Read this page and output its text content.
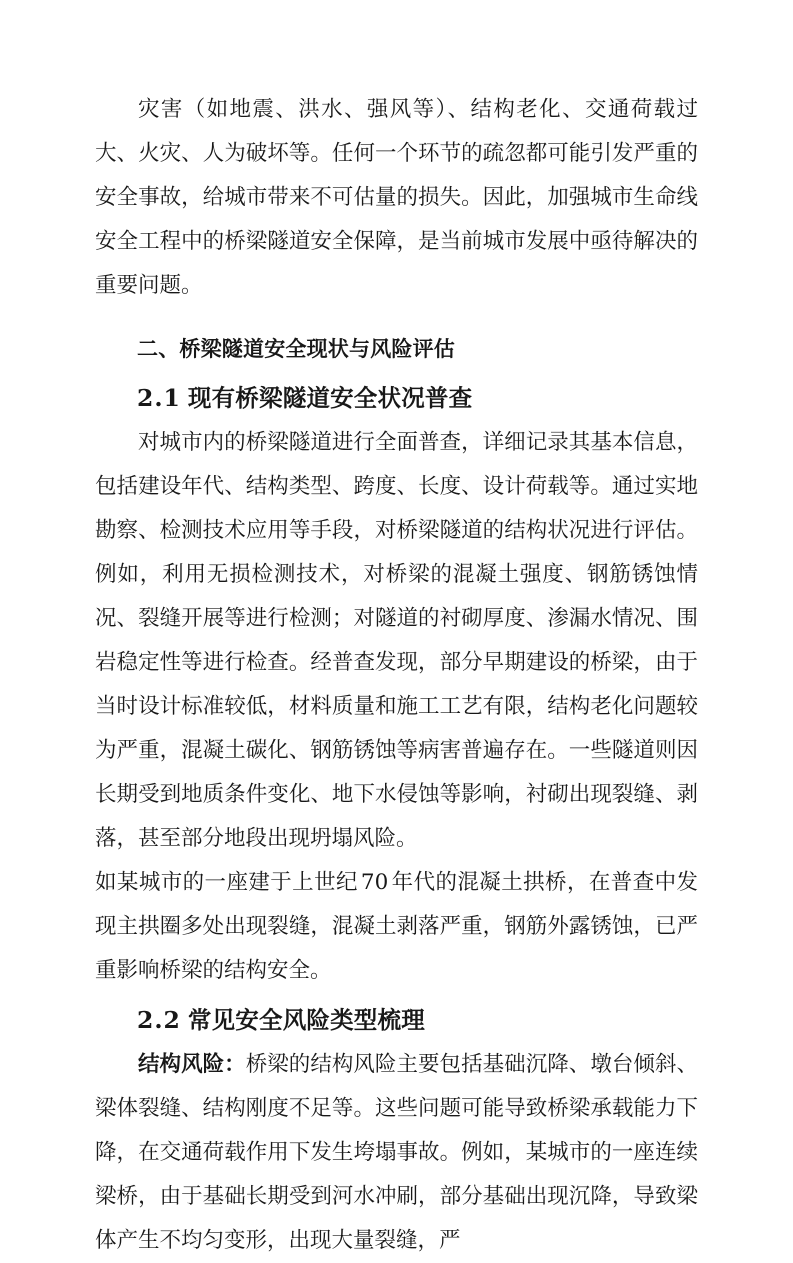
灾害（如地震、洪水、强风等）、结构老化、交通荷载过大、火灾、人为破坏等。任何一个环节的疏忽都可能引发严重的安全事故，给城市带来不可估量的损失。因此，加强城市生命线安全工程中的桥梁隧道安全保障，是当前城市发展中亟待解决的重要问题。

二、桥梁隧道安全现状与风险评估
2.1 现有桥梁隧道安全状况普查

对城市内的桥梁隧道进行全面普查，详细记录其基本信息，包括建设年代、结构类型、跨度、长度、设计荷载等。通过实地勘察、检测技术应用等手段，对桥梁隧道的结构状况进行评估。例如，利用无损检测技术，对桥梁的混凝土强度、钢筋锈蚀情况、裂缝开展等进行检测；对隧道的衬砌厚度、渗漏水情况、围岩稳定性等进行检查。经普查发现，部分早期建设的桥梁，由于当时设计标准较低，材料质量和施工工艺有限，结构老化问题较为严重，混凝土碳化、钢筋锈蚀等病害普遍存在。一些隧道则因长期受到地质条件变化、地下水侵蚀等影响，衬砌出现裂缝、剥落，甚至部分地段出现坍塌风险。

如某城市的一座建于上世纪 70 年代的混凝土拱桥，在普查中发现主拱圈多处出现裂缝，混凝土剥落严重，钢筋外露锈蚀，已严重影响桥梁的结构安全。

2.2 常见安全风险类型梳理

结构风险：桥梁的结构风险主要包括基础沉降、墩台倾斜、梁体裂缝、结构刚度不足等。这些问题可能导致桥梁承载能力下降，在交通荷载作用下发生垮塌事故。例如，某城市的一座连续梁桥，由于基础长期受到河水冲刷，部分基础出现沉降，导致梁体产生不均匀变形，出现大量裂缝，严
